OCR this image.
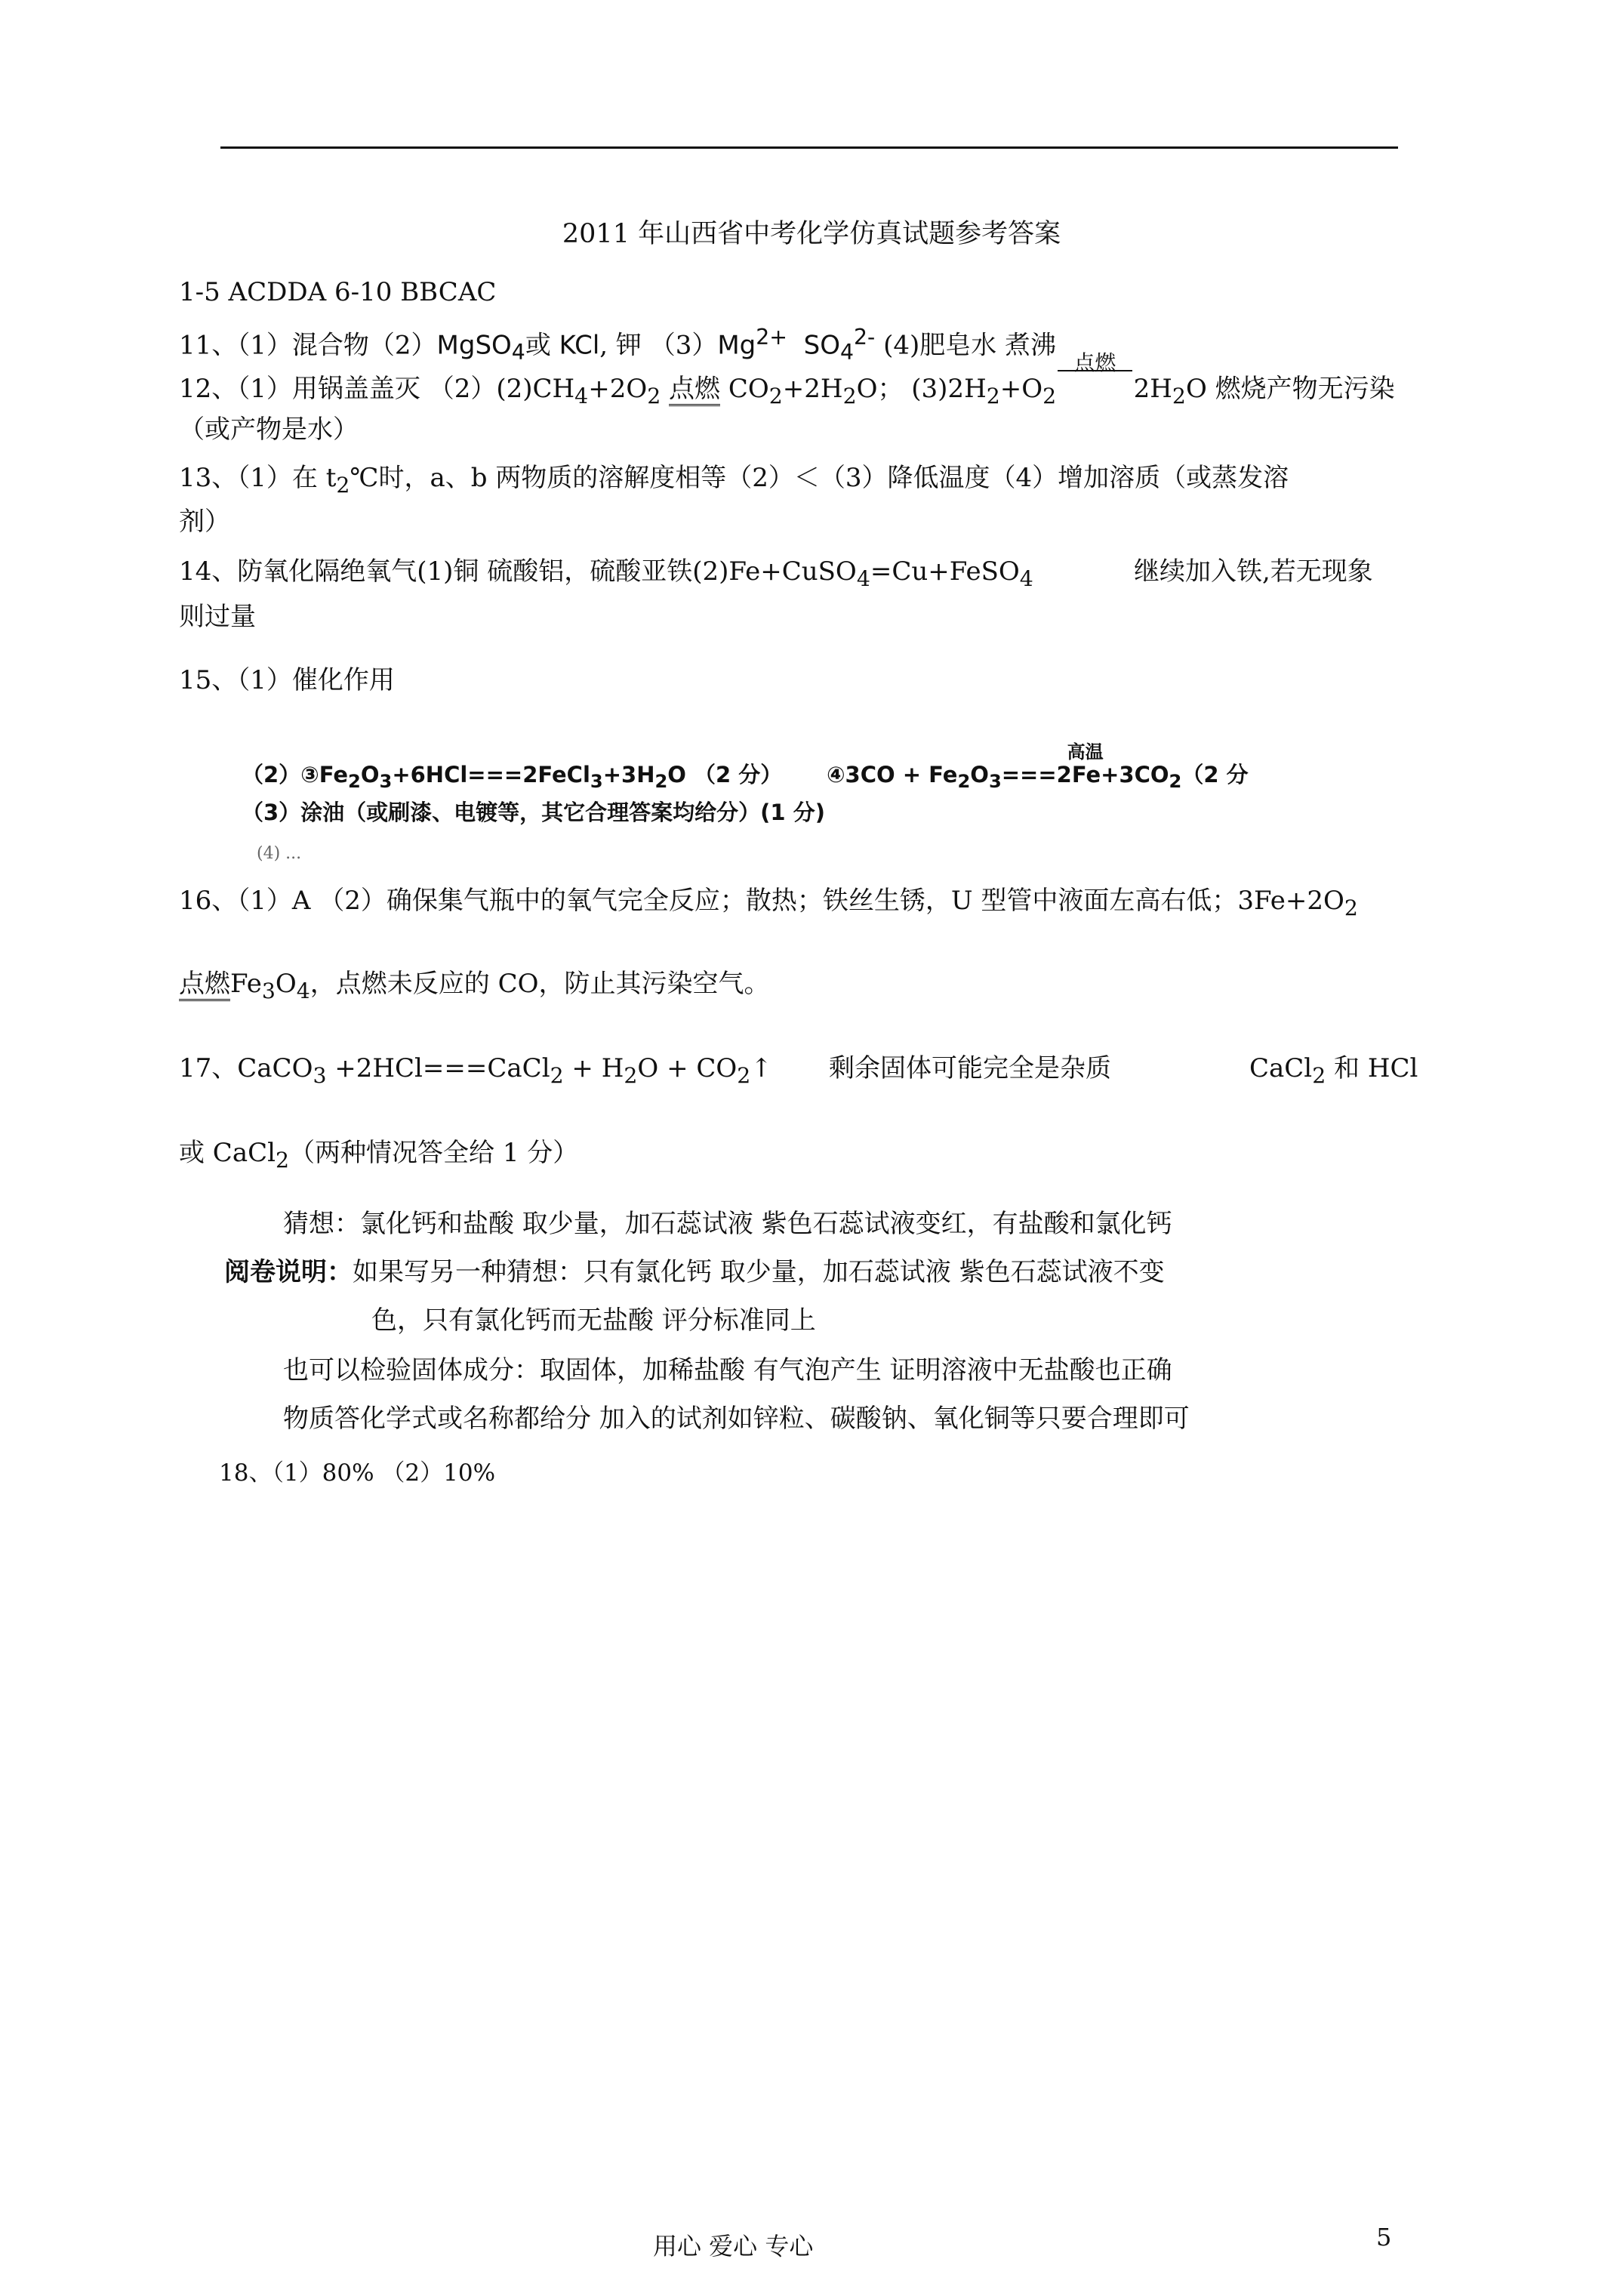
2011 年山西省中考化学仿真试题参考答案
1-5 ACDDA 6-10 BBCAC
11、（1）混合物（2）MgSO$_4$或 KCl, 钾 $(3)Mg^{2+}$ $SO_4^{2-}$ (4)肥皂水 煮沸
12、（1）用锅盖盖灭 $(2)(2)CH_4+2O_2$ 点燃 $CO_2+2H_2O$； $(3)2H_2+O_2$
点燃
$2H_2O$ 燃烧产物无污染
（或产物是水）
13、（1）在 $t_2℃$时，a、b 两物质的溶解度相等（2）＜（3）降低温度（4）增加溶质（或蒸发溶
剂）
14、防氧化隔绝氧气(1)铜 硫酸铝，硫酸亚铁(2)Fe+CuSO$_4$=Cu+FeSO$_4$	继续加入铁,若无现象
则过量
15、（1）催化作用
$(2)③Fe_2O_3+6HCl===2FeCl_3+3H_2O$ （2 分） ④3CO + $Fe_2O_3$
高温
$===2Fe+3CO_2(2$ 分
（3）涂油（或刷漆、电镀等，其它合理答案均给分）(1 分)
(4) ...
16、（1）A （2）确保集气瓶中的氧气完全反应；散热；铁丝生锈，U 型管中液面左高右低；$3Fe+2O_2$
点燃$Fe_3O_4$，点燃未反应的 CO，防止其污染空气。
17、CaCO$_3$ +2HCl===CaCl$_2$ + $H_2O$ + $CO_2↑$ 剩余固体可能完全是杂质	CaCl$_2$ 和 HCl
或 CaCl$_2$（两种情况答全给 1 分）
猜想：氯化钙和盐酸 取少量，加石蕊试液 紫色石蕊试液变红，有盐酸和氯化钙
阅卷说明：如果写另一种猜想：只有氯化钙 取少量，加石蕊试液 紫色石蕊试液不变
色，只有氯化钙而无盐酸 评分标准同上
也可以检验固体成分：取固体，加稀盐酸 有气泡产生 证明溶液中无盐酸也正确
物质答化学式或名称都给分 加入的试剂如锌粒、碳酸钠、氧化铜等只要合理即可
18、（1）80% （2）10%
用心 爱心 专心	5
